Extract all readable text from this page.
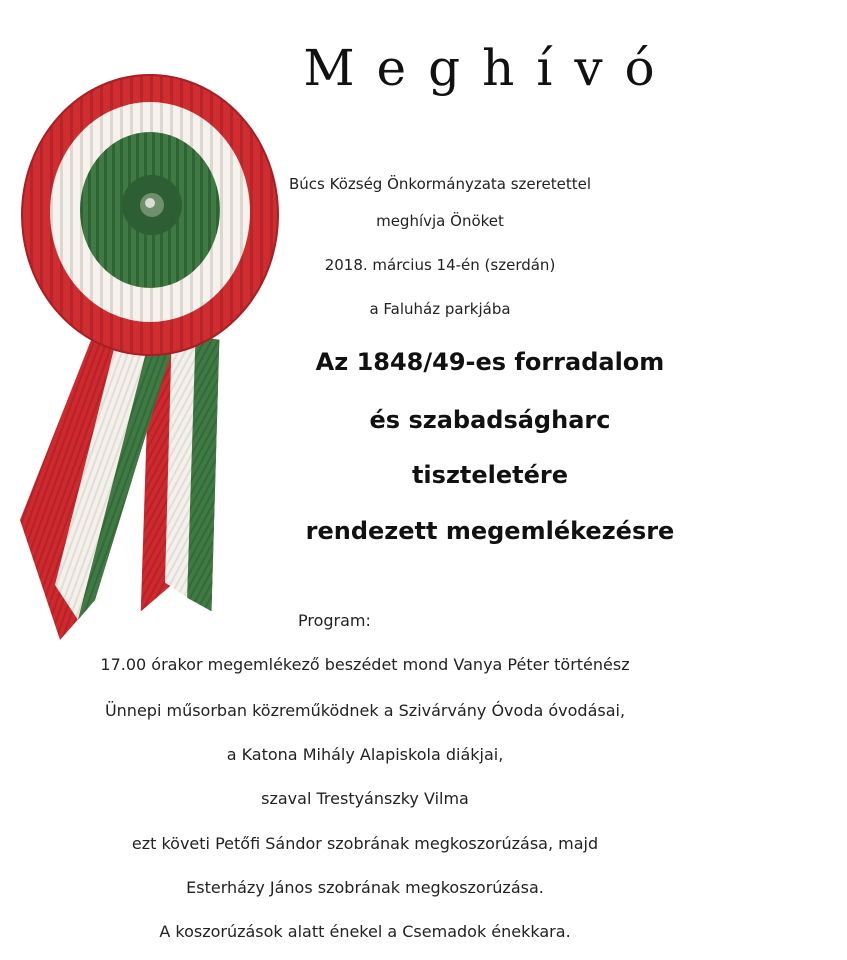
Meghívó
Búcs Község Önkormányzata szeretettel
meghívja Önöket
2018. március 14-én (szerdán)
a Faluház parkjába
Az 1848/49-es forradalom
és szabadságharc
tiszteletére
rendezett megemlékezésre
Program:
17.00 órakor megemlékező beszédet mond Vanya Péter történész
Ünnepi műsorban közreműködnek a Szivárvány Óvoda óvodásai,
a Katona Mihály Alapiskola diákjai,
szaval Trestyánszky Vilma
ezt követi Petőfi Sándor szobrának megkoszorúzása, majd
Esterházy János szobrának megkoszorúzása.
A koszorúzások alatt énekel a Csemadok énekkara.
